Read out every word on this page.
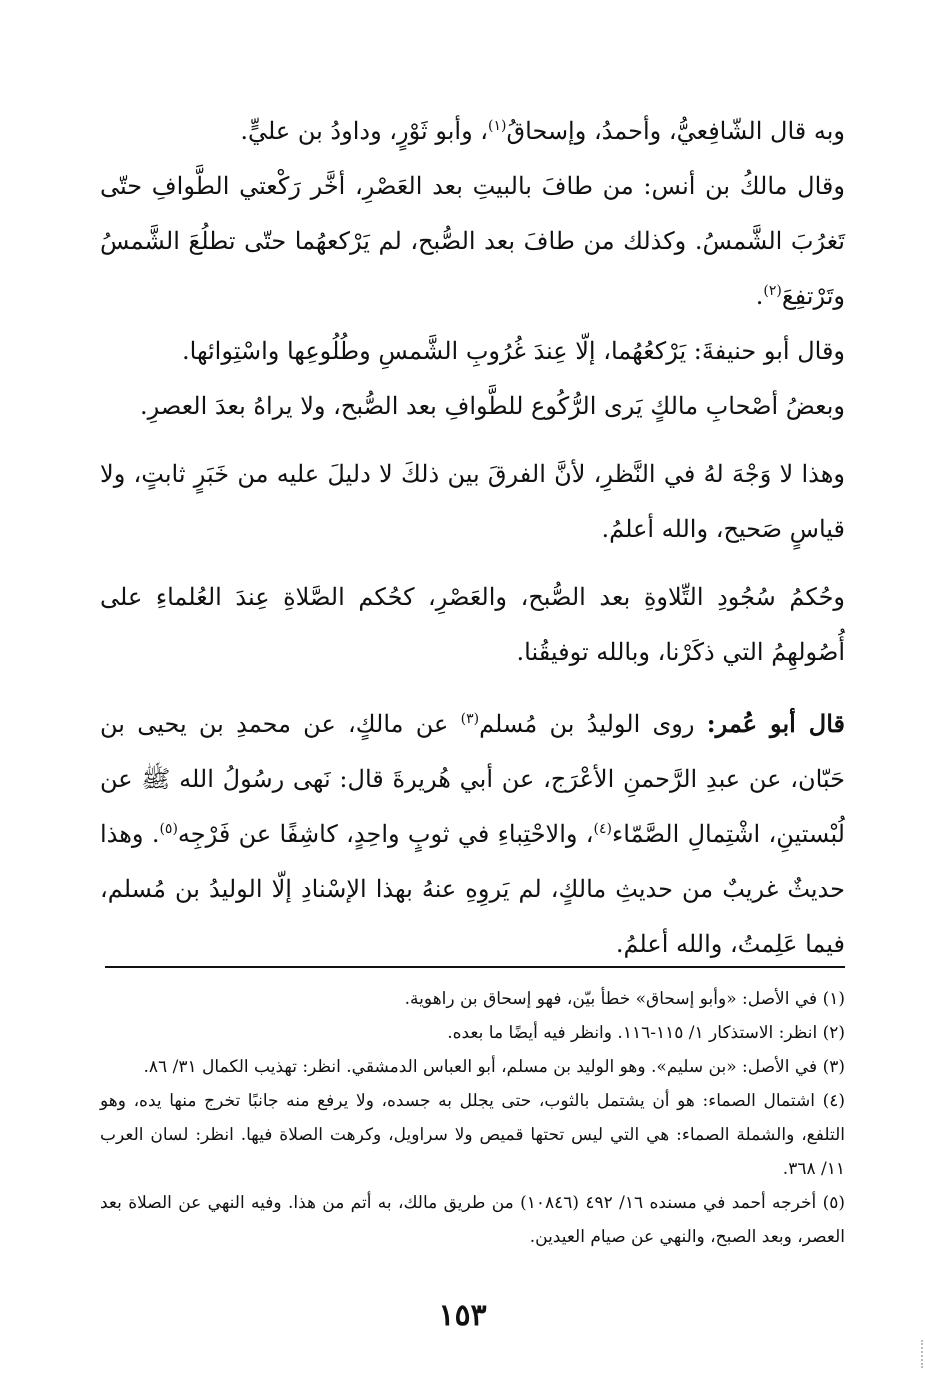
وبه قال الشّافِعيُّ، وأحمدُ، وإسحاقُ$^{(١)}$، وأبو ثَوْرٍ، وداودُ بن عليٍّ.

وقال مالكُ بن أنس: من طافَ بالبيتِ بعد العَصْرِ، أخَّر رَكْعتي الطَّوافِ حتّى تَغرُبَ الشَّمسُ. وكذلك من طافَ بعد الصُّبح، لم يَرْكعهُما حتّى تطلُعَ الشَّمسُ وتَرْتفِعَ$^{(٢)}$.

وقال أبو حنيفةَ: يَرْكعُهُما، إلّا عِندَ غُرُوبِ الشَّمسِ وطُلُوعِها واسْتِوائها.

وبعضُ أصْحابِ مالكٍ يَرى الرُّكُوع للطَّوافِ بعد الصُّبح، ولا يراهُ بعدَ العصرِ.

وهذا لا وَجْهَ لهُ في النَّظرِ، لأنَّ الفرقَ بين ذلكَ لا دليلَ عليه من خَبَرٍ ثابتٍ، ولا قياسٍ صَحيح، والله أعلمُ.

وحُكمُ سُجُودِ التِّلاوةِ بعد الصُّبح، والعَصْرِ، كحُكم الصَّلاةِ عِندَ العُلماءِ على أُصُولهِمُ التي ذكَرْنا، وبالله توفيقُنا.

قال أبو عُمر: روى الوليدُ بن مُسلم$^{(٣)}$ عن مالكٍ، عن محمدِ بن يحيى بن حَبّان، عن عبدِ الرَّحمنِ الأعْرَج، عن أبي هُريرةَ قال: نَهى رسُولُ الله ﷺ عن لُبْستينِ، اشْتِمالِ الصَّمّاء$^{(٤)}$، والاحْتِباءِ في ثوبٍ واحِدٍ، كاشِفًا عن فَرْجِه$^{(٥)}$. وهذا حديثٌ غريبٌ من حديثِ مالكٍ، لم يَروِهِ عنهُ بهذا الإسْنادِ إلّا الوليدُ بن مُسلم، فيما عَلِمتُ، والله أعلمُ.

(١) في الأصل: «وأبو إسحاق» خطأ بيّن، فهو إسحاق بن راهوية.

(٢) انظر: الاستذكار ١/ ١١٥-١١٦. وانظر فيه أيضًا ما بعده.

(٣) في الأصل: «بن سليم». وهو الوليد بن مسلم، أبو العباس الدمشقي. انظر: تهذيب الكمال ٣١/ ٨٦.

(٤) اشتمال الصماء: هو أن يشتمل بالثوب، حتى يجلل به جسده، ولا يرفع منه جانبًا تخرج منها يده، وهو التلفع، والشملة الصماء: هي التي ليس تحتها قميص ولا سراويل، وكرهت الصلاة فيها. انظر: لسان العرب ١١/ ٣٦٨.

(٥) أخرجه أحمد في مسنده ١٦/ ٤٩٢ (١٠٨٤٦) من طريق مالك، به أتم من هذا. وفيه النهي عن الصلاة بعد العصر، وبعد الصبح، والنهي عن صيام العيدين.

١٥٣
